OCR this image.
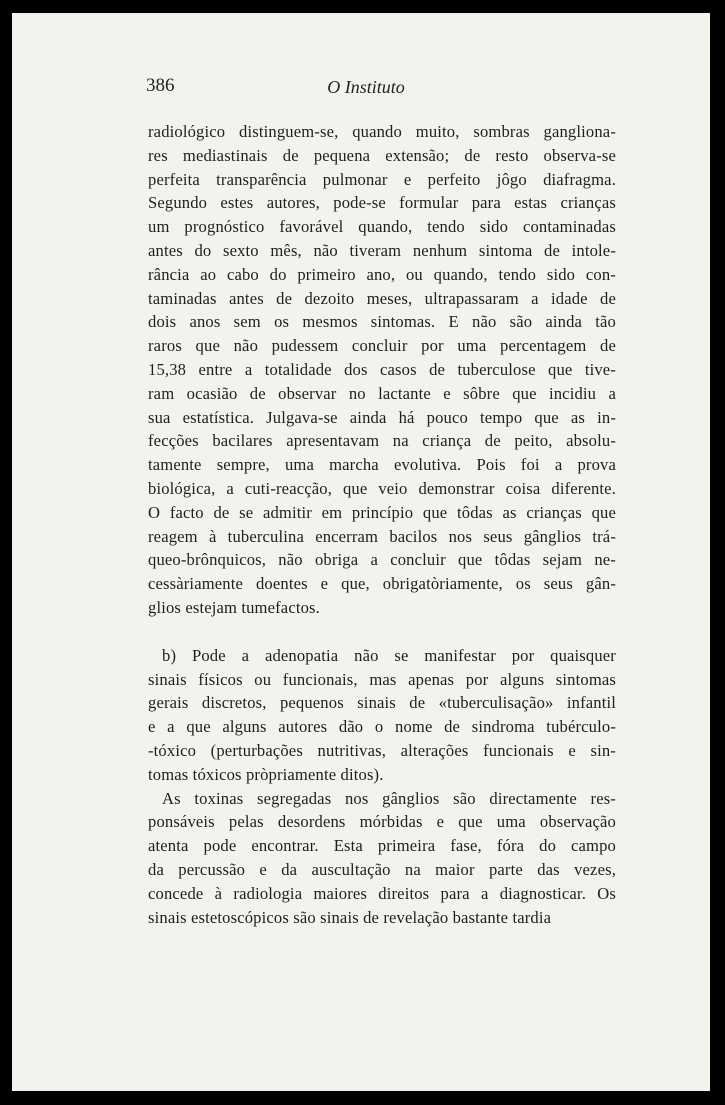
386	O Instituto
radiológico distinguem-se, quando muito, sombras gangliona-
res mediastinais de pequena extensão; de resto observa-se
perfeita transparência pulmonar e perfeito jôgo diafragma.
Segundo estes autores, pode-se formular para estas crianças
um prognóstico favorável quando, tendo sido contaminadas
antes do sexto mês, não tiveram nenhum sintoma de intole-
rância ao cabo do primeiro ano, ou quando, tendo sido con-
taminadas antes de dezoito meses, ultrapassaram a idade de
dois anos sem os mesmos sintomas. E não são ainda tão
raros que não pudessem concluir por uma percentagem de
15,38 entre a totalidade dos casos de tuberculose que tive-
ram ocasião de observar no lactante e sôbre que incidiu a
sua estatística. Julgava-se ainda há pouco tempo que as in-
fecções bacilares apresentavam na criança de peito, absolu-
tamente sempre, uma marcha evolutiva. Pois foi a prova
biológica, a cuti-reacção, que veio demonstrar coisa diferente.
O facto de se admitir em princípio que tôdas as crianças que
reagem à tuberculina encerram bacilos nos seus gânglios trá-
queo-brônquicos, não obriga a concluir que tôdas sejam ne-
cessàriamente doentes e que, obrigatòriamente, os seus gân-
glios estejam tumefactos.
b) Pode a adenopatia não se manifestar por quaisquer
sinais físicos ou funcionais, mas apenas por alguns sintomas
gerais discretos, pequenos sinais de «tuberculisação» infantil
e a que alguns autores dão o nome de sindroma tubérculo-
-tóxico (perturbações nutritivas, alterações funcionais e sin-
tomas tóxicos pròpriamente ditos).
As toxinas segregadas nos gânglios são directamente res-
ponsáveis pelas desordens mórbidas e que uma observação
atenta pode encontrar. Esta primeira fase, fóra do campo
da percussão e da auscultação na maior parte das vezes,
concede à radiologia maiores direitos para a diagnosticar. Os
sinais estetoscópicos são sinais de revelação bastante tardia
